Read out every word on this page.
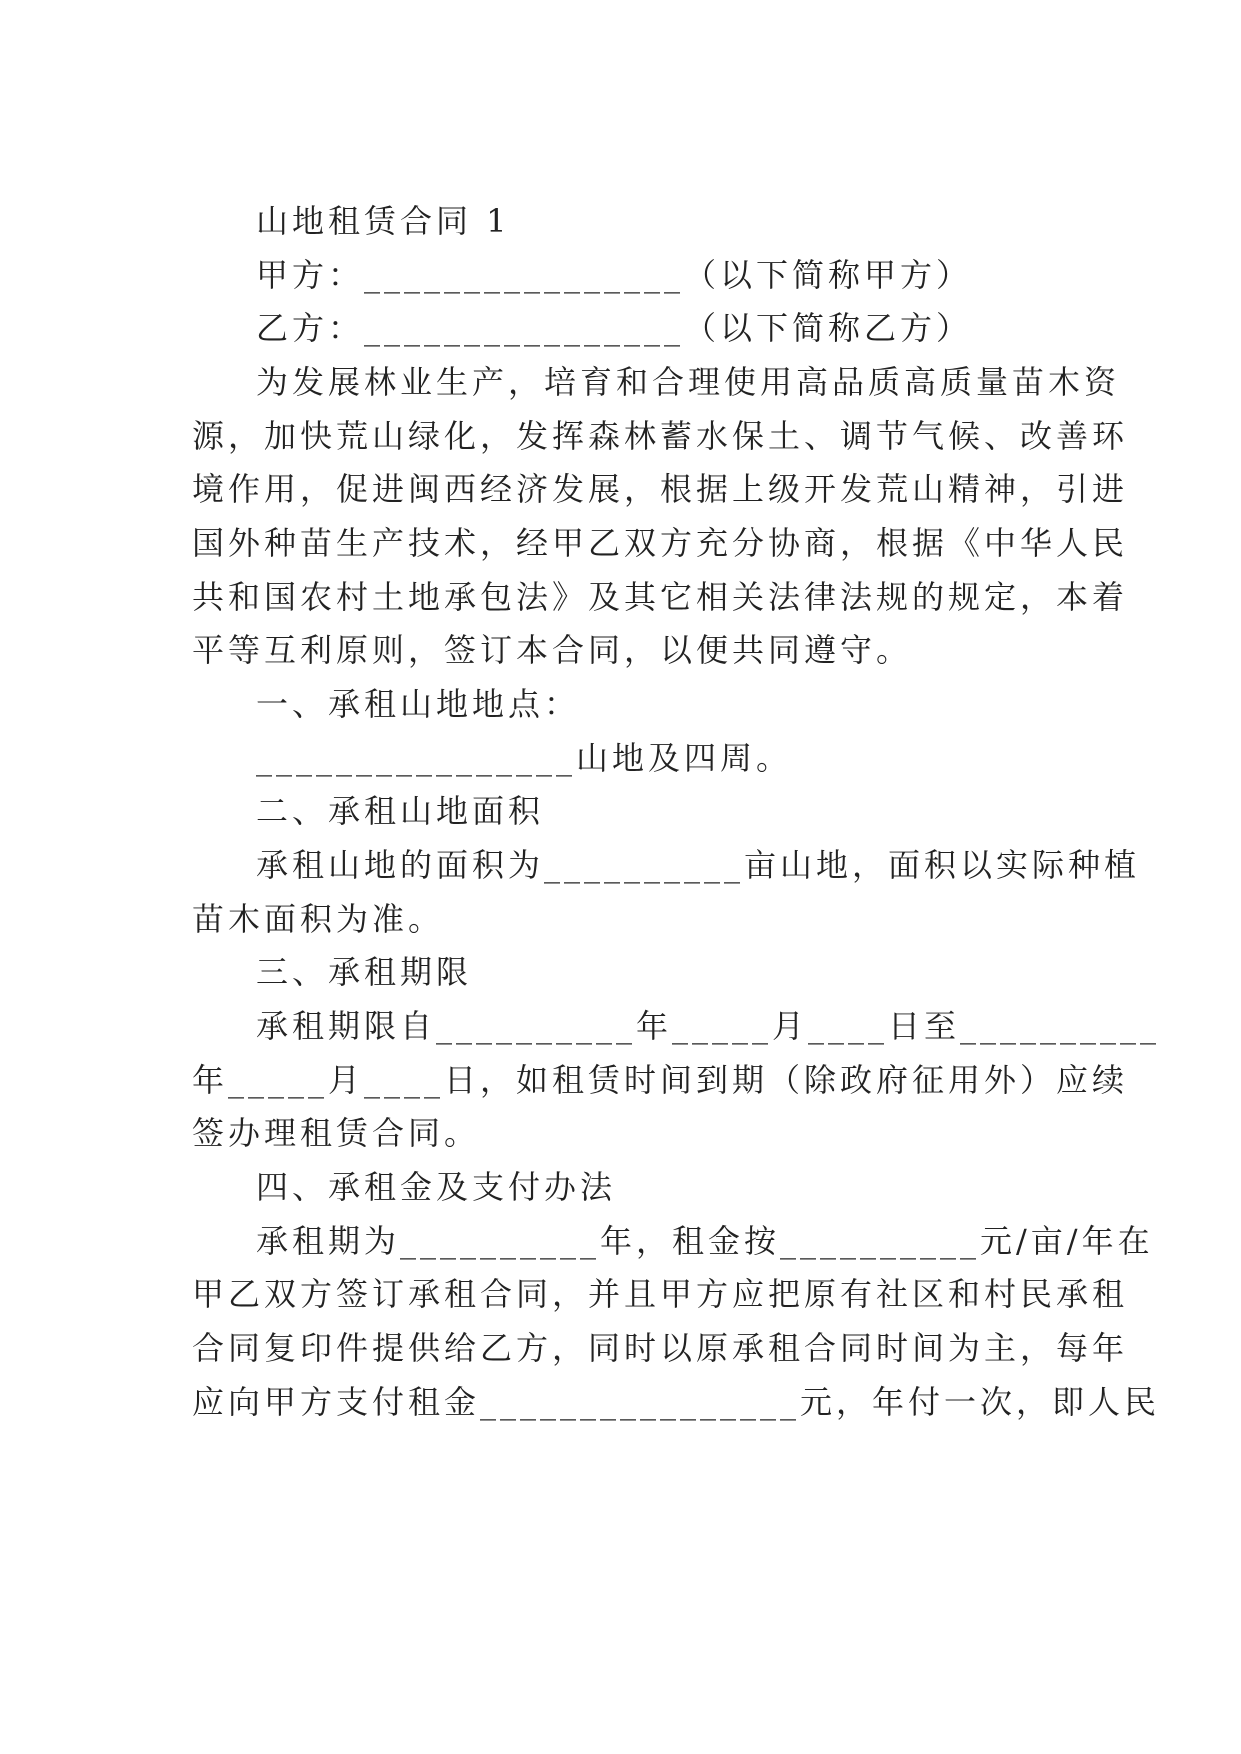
山地租赁合同 1
甲方：________________（以下简称甲方）
乙方：________________（以下简称乙方）
为发展林业生产，培育和合理使用高品质高质量苗木资
源，加快荒山绿化，发挥森林蓄水保土、调节气候、改善环
境作用，促进闽西经济发展，根据上级开发荒山精神，引进
国外种苗生产技术，经甲乙双方充分协商，根据《中华人民
共和国农村土地承包法》及其它相关法律法规的规定，本着
平等互利原则，签订本合同，以便共同遵守。
一、承租山地地点：
________________山地及四周。
二、承租山地面积
承租山地的面积为__________亩山地，面积以实际种植
苗木面积为准。
三、承租期限
承租期限自__________年_____月____日至__________
年_____月____日，如租赁时间到期（除政府征用外）应续
签办理租赁合同。
四、承租金及支付办法
承租期为__________年，租金按__________元/亩/年在
甲乙双方签订承租合同，并且甲方应把原有社区和村民承租
合同复印件提供给乙方，同时以原承租合同时间为主，每年
应向甲方支付租金________________元，年付一次，即人民
